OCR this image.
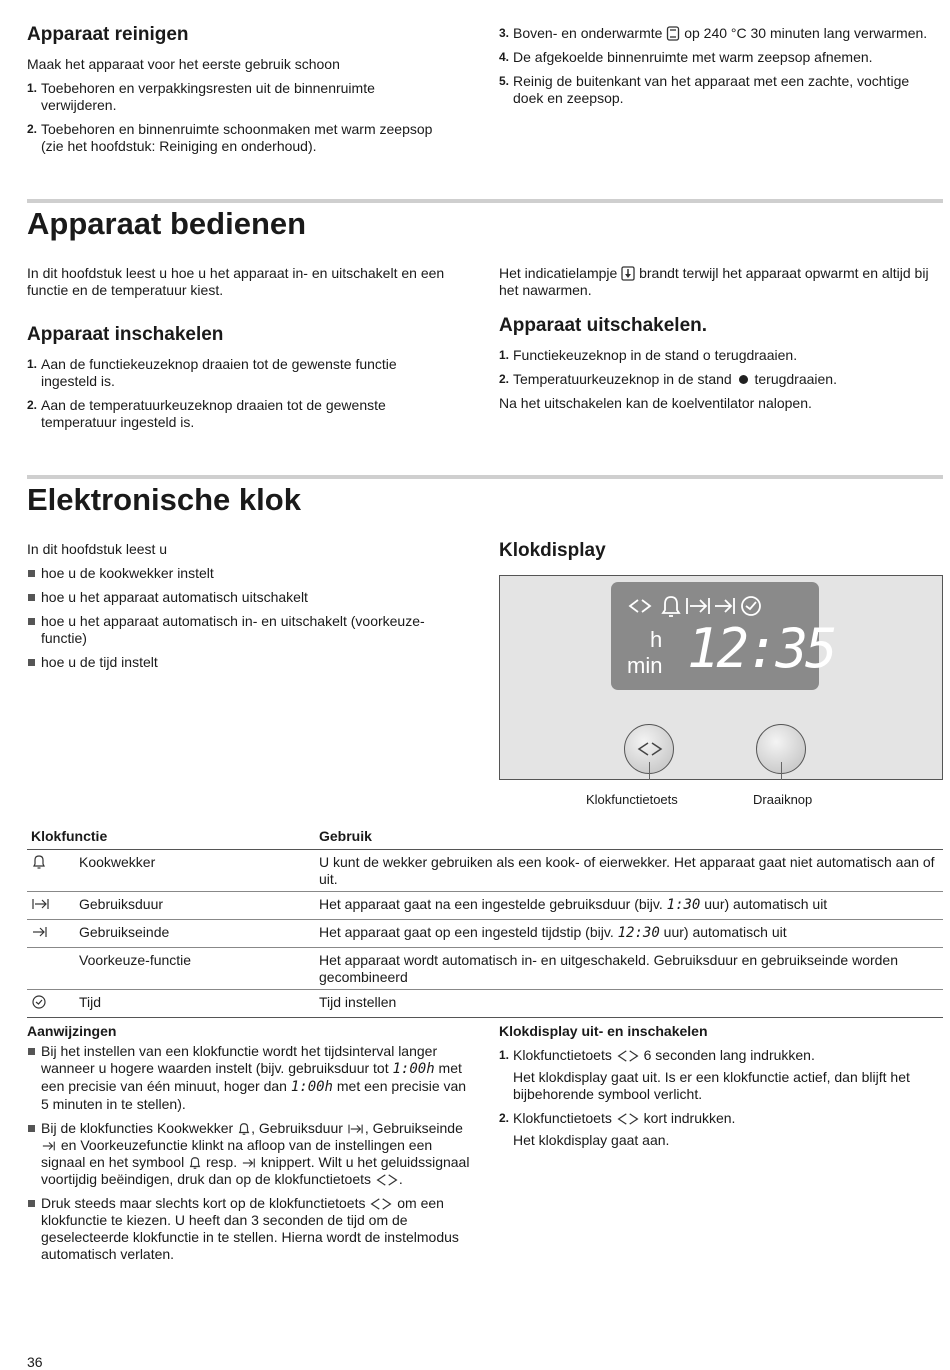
Apparaat reinigen

Maak het apparaat voor het eerste gebruik schoon

1. Toebehoren en verpakkingsresten uit de binnenruimte verwijderen.
2. Toebehoren en binnenruimte schoonmaken met warm zeepsop (zie het hoofdstuk: Reiniging en onderhoud).
3. Boven- en onderwarmte op 240 °C 30 minuten lang verwarmen.
4. De afgekoelde binnenruimte met warm zeepsop afnemen.
5. Reinig de buitenkant van het apparaat met een zachte, vochtige doek en zeepsop.
Apparaat bedienen

In dit hoofdstuk leest u hoe u het apparaat in- en uitschakelt en een functie en de temperatuur kiest.

Het indicatielampje brandt terwijl het apparaat opwarmt en altijd bij het nawarmen.

Apparaat inschakelen
1. Aan de functiekeuzeknop draaien tot de gewenste functie ingesteld is.
2. Aan de temperatuurkeuzeknop draaien tot de gewenste temperatuur ingesteld is.
Apparaat uitschakelen.
1. Functiekeuzeknop in de stand o terugdraaien.
2. Temperatuurkeuzeknop in de stand terugdraaien.

Na het uitschakelen kan de koelventilator nalopen.

Elektronische klok

In dit hoofdstuk leest u

hoe u de kookwekker instelt
hoe u het apparaat automatisch uitschakelt
hoe u het apparaat automatisch in- en uitschakelt (voorkeuze-functie)
hoe u de tijd instelt
Klokdisplay
h
min 12:35
Klokfunctietoets	Draaiknop
Klokfunctie		Gebruik
	Kookwekker	U kunt de wekker gebruiken als een kook- of eierwekker. Het apparaat gaat niet automatisch aan of uit.
	Gebruiksduur	Het apparaat gaat na een ingestelde gebruiksduur (bijv. 1:30 uur) automatisch uit
	Gebruikseinde	Het apparaat gaat op een ingesteld tijdstip (bijv. 12:30 uur) automatisch uit
	Voorkeuze-functie	Het apparaat wordt automatisch in- en uitgeschakeld. Gebruiksduur en gebruikseinde worden gecombineerd
	Tijd	Tijd instellen

Aanwijzingen

Bij het instellen van een klokfunctie wordt het tijdsinterval langer wanneer u hogere waarden instelt (bijv. gebruiksduur tot 1:00h met een precisie van één minuut, hoger dan 1:00h met een precisie van 5 minuten in te stellen).
Bij de klokfuncties Kookwekker , Gebruiksduur , Gebruikseinde  en Voorkeuzefunctie klinkt na afloop van de instellingen een signaal en het symbool resp. knippert. Wilt u het geluidssignaal voortijdig beëindigen, druk dan op de klokfunctietoets .
Druk steeds maar slechts kort op de klokfunctietoets om een klokfunctie te kiezen. U heeft dan 3 seconden de tijd om de geselecteerde klokfunctie in te stellen. Hierna wordt de instelmodus automatisch verlaten.

Klokdisplay uit- en inschakelen

1. Klokfunctietoets 6 seconden lang indrukken.
Het klokdisplay gaat uit. Is er een klokfunctie actief, dan blijft het bijbehorende symbool verlicht.
2. Klokfunctietoets kort indrukken.
Het klokdisplay gaat aan.
36
